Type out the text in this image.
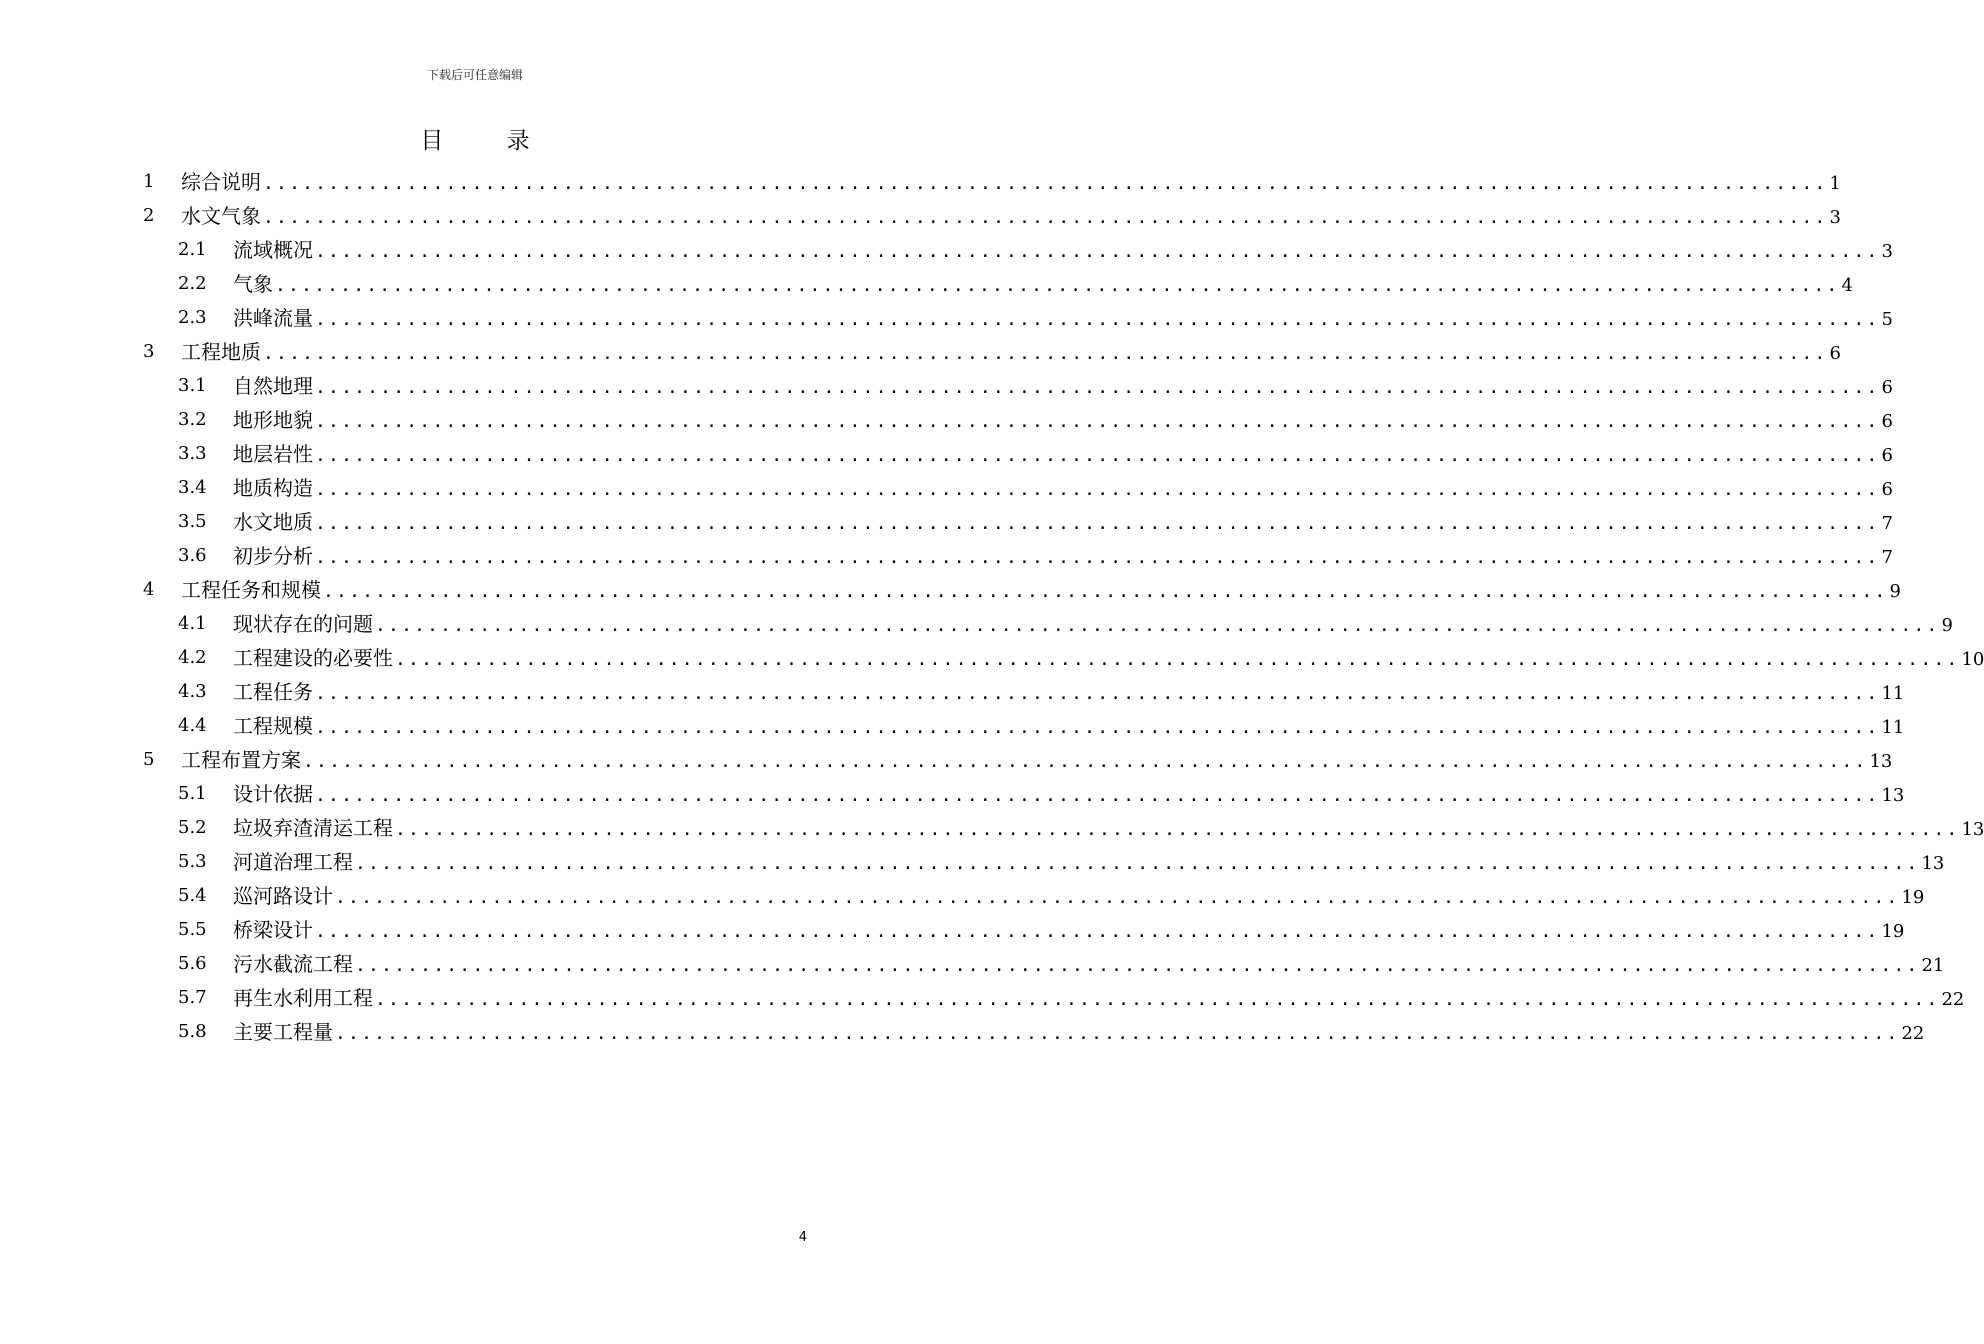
下载后可任意编辑
目 录
1 综合说明 ........................................................................................................................ 1
2 水文气象 ........................................................................................................................ 3
2.1 流域概况 ........................................................................................................................ 3
2.2 气象 ........................................................................................................................ 4
2.3 洪峰流量 ........................................................................................................................ 5
3 工程地质 ........................................................................................................................ 6
3.1 自然地理 ........................................................................................................................ 6
3.2 地形地貌 ........................................................................................................................ 6
3.3 地层岩性 ........................................................................................................................ 6
3.4 地质构造 ........................................................................................................................ 6
3.5 水文地质 ........................................................................................................................ 7
3.6 初步分析 ........................................................................................................................ 7
4 工程任务和规模 ........................................................................................................................ 9
4.1 现状存在的问题 ........................................................................................................................ 9
4.2 工程建设的必要性 ........................................................................................................................ 10
4.3 工程任务 ........................................................................................................................ 11
4.4 工程规模 ........................................................................................................................ 11
5 工程布置方案 ........................................................................................................................ 13
5.1 设计依据 ........................................................................................................................ 13
5.2 垃圾弃渣清运工程 ........................................................................................................................ 13
5.3 河道治理工程 ........................................................................................................................ 13
5.4 巡河路设计 ........................................................................................................................ 19
5.5 桥梁设计 ........................................................................................................................ 19
5.6 污水截流工程 ........................................................................................................................ 21
5.7 再生水利用工程 ........................................................................................................................ 22
5.8 主要工程量 ........................................................................................................................ 22
4
